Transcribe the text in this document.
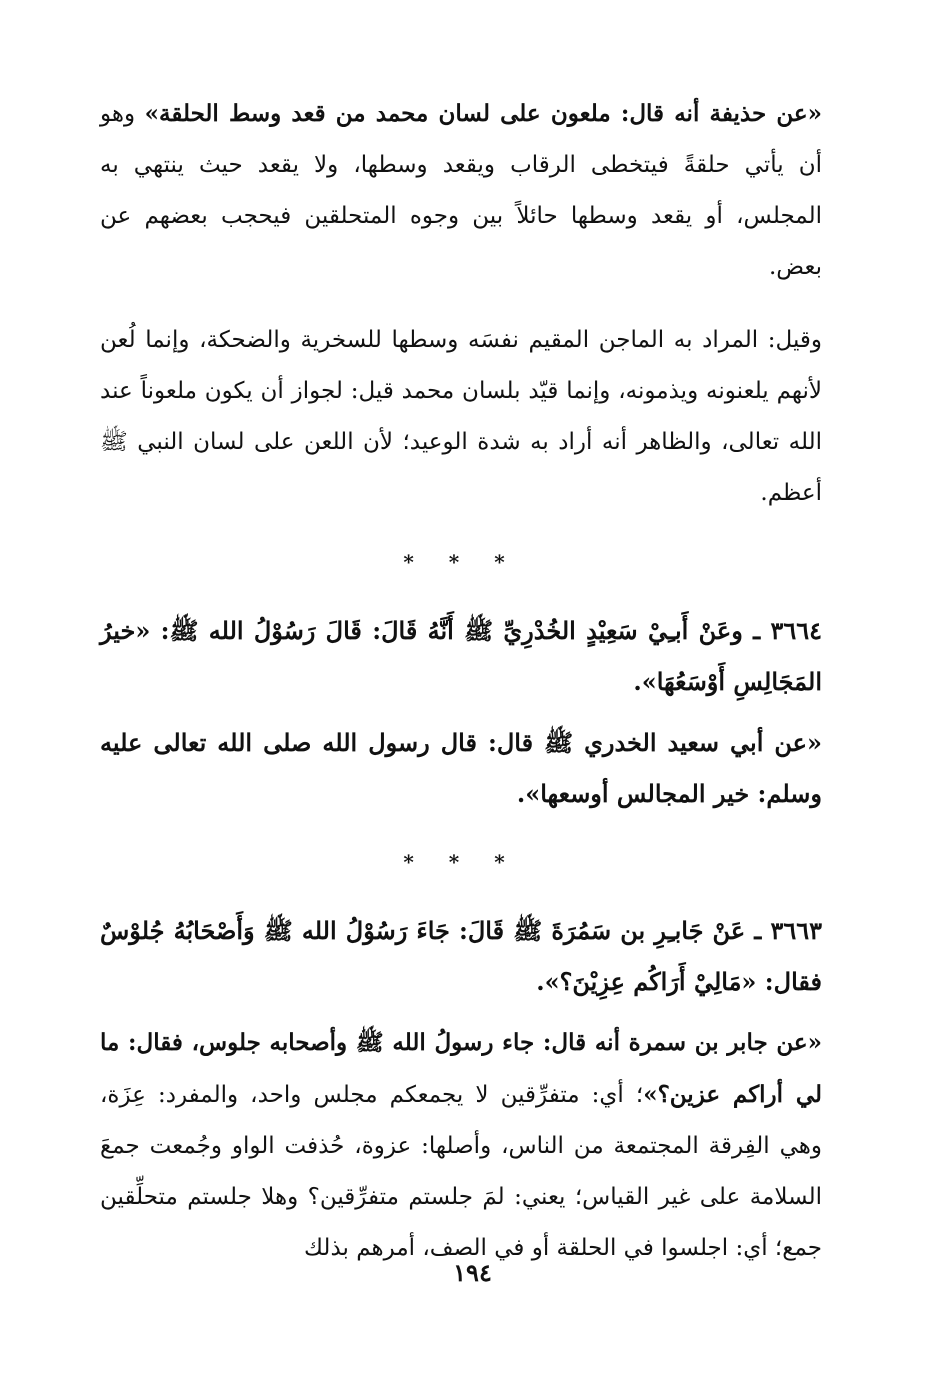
«عن حذيفة أنه قال: ملعون على لسان محمد من قعد وسط الحلقة» وهو أن يأتي حلقةً فيتخطى الرقاب ويقعد وسطها، ولا يقعد حيث ينتهي به المجلس، أو يقعد وسطها حائلاً بين وجوه المتحلقين فيحجب بعضهم عن بعض.

وقيل: المراد به الماجن المقيم نفسَه وسطها للسخرية والضحكة، وإنما لُعن لأنهم يلعنونه ويذمونه، وإنما قيّد بلسان محمد قيل: لجواز أن يكون ملعوناً عند الله تعالى، والظاهر أنه أراد به شدة الوعيد؛ لأن اللعن على لسان النبي ﷺ أعظم.

* * *

٣٦٦٤ ـ وعَنْ أَبـِيْ سَعِيْدٍ الخُدْرِيِّ ﷺ أَنَّهُ قَالَ: قَالَ رَسُوْلُ الله ﷺ: «خيرُ المَجَالِسِ أَوْسَعُهَا».

«عن أبي سعيد الخدري ﷺ قال: قال رسول الله صلى الله تعالى عليه وسلم: خير المجالس أوسعها».

* * *

٣٦٦٣ ـ عَنْ جَابـِرِ بن سَمُرَةَ ﷺ قَالَ: جَاءَ رَسُوْلُ الله ﷺ وَأَصْحَابُهُ جُلوْسٌ فقال: «مَالِيْ أَرَاكُم عِزِيْنَ؟».

«عن جابر بن سمرة أنه قال: جاء رسولُ الله ﷺ وأصحابه جلوس، فقال: ما لي أراكم عزين؟»؛ أي: متفرِّقين لا يجمعكم مجلس واحد، والمفرد: عِزَة، وهي الفِرقة المجتمعة من الناس، وأصلها: عزوة، حُذفت الواو وجُمعت جمعَ السلامة على غير القياس؛ يعني: لمَ جلستم متفرِّقين؟ وهلا جلستم متحلِّقين جمع؛ أي: اجلسوا في الحلقة أو في الصف، أمرهم بذلك

١٩٤
